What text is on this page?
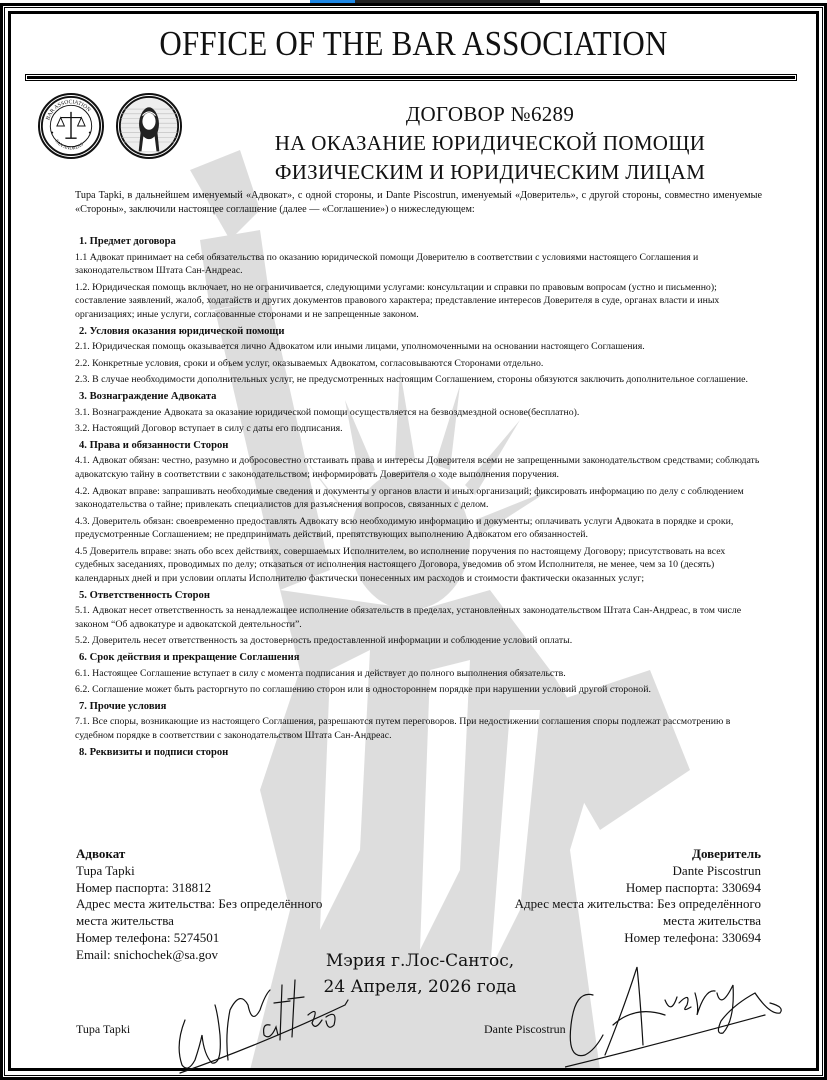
OFFICE OF THE BAR ASSOCIATION
BAR ASSOCIATION
SAN ANDREAS
ДОГОВОР №6289
НА ОКАЗАНИЕ ЮРИДИЧЕСКОЙ ПОМОЩИ
ФИЗИЧЕСКИМ И ЮРИДИЧЕСКИМ ЛИЦАМ
Tupa Tapki, в дальнейшем именуемый «Адвокат», с одной стороны, и Dante Piscostrun, именуемый «Доверитель», с другой стороны, совместно именуемые «Стороны», заключили настоящее соглашение (далее — «Соглашение») о нижеследующем:
1. Предмет договора
1.1 Адвокат принимает на себя обязательства по оказанию юридической помощи Доверителю в соответствии с условиями настоящего Соглашения и законодательством Штата Сан-Андреас.
1.2. Юридическая помощь включает, но не ограничивается, следующими услугами: консультации и справки по правовым вопросам (устно и письменно); составление заявлений, жалоб, ходатайств и других документов правового характера; представление интересов Доверителя в суде, органах власти и иных организациях; иные услуги, согласованные сторонами и не запрещенные законом.
2. Условия оказания юридической помощи
2.1. Юридическая помощь оказывается лично Адвокатом или иными лицами, уполномоченными на основании настоящего Соглашения.
2.2. Конкретные условия, сроки и объем услуг, оказываемых Адвокатом, согласовываются Сторонами отдельно.
2.3. В случае необходимости дополнительных услуг, не предусмотренных настоящим Соглашением, стороны обязуются заключить дополнительное соглашение.
3. Вознаграждение Адвоката
3.1. Вознаграждение Адвоката за оказание юридической помощи осуществляется на безвоздмездной основе(бесплатно).
3.2. Настоящий Договор вступает в силу с даты его подписания.
4. Права и обязанности Сторон
4.1. Адвокат обязан: честно, разумно и добросовестно отстаивать права и интересы Доверителя всеми не запрещенными законодательством средствами; соблюдать адвокатскую тайну в соответствии с законодательством; информировать Доверителя о ходе выполнения поручения.
4.2. Адвокат вправе: запрашивать необходимые сведения и документы у органов власти и иных организаций; фиксировать информацию по делу с соблюдением законодательства о тайне; привлекать специалистов для разъяснения вопросов, связанных с делом.
4.3. Доверитель обязан: своевременно предоставлять Адвокату всю необходимую информацию и документы; оплачивать услуги Адвоката в порядке и сроки, предусмотренные Соглашением; не предпринимать действий, препятствующих выполнению Адвокатом его обязанностей.
4.5 Доверитель вправе: знать обо всех действиях, совершаемых Исполнителем, во исполнение поручения по настоящему Договору; присутствовать на всех судебных заседаниях, проводимых по делу; отказаться от исполнения настоящего Договора, уведомив об этом Исполнителя, не менее, чем за 10 (десять) календарных дней и при условии оплаты Исполнителю фактически понесенных им расходов и стоимости фактически оказанных услуг;
5. Ответственность Сторон
5.1. Адвокат несет ответственность за ненадлежащее исполнение обязательств в пределах, установленных законодательством Штата Сан-Андреас, в том числе законом “Об адвокатуре и адвокатской деятельности”.
5.2. Доверитель несет ответственность за достоверность предоставленной информации и соблюдение условий оплаты.
6. Срок действия и прекращение Соглашения
6.1. Настоящее Соглашение вступает в силу с момента подписания и действует до полного выполнения обязательств.
6.2. Соглашение может быть расторгнуто по соглашению сторон или в одностороннем порядке при нарушении условий другой стороной.
7. Прочие условия
7.1. Все споры, возникающие из настоящего Соглашения, разрешаются путем переговоров. При недостижении соглашения споры подлежат рассмотрению в судебном порядке в соответствии с законодательством Штата Сан-Андреас.
8. Реквизиты и подписи сторон
Адвокат
Tupa Tapki
Номер паспорта: 318812
Адрес места жительства: Без определённого
места жительства
Номер телефона: 5274501
Email: snichochek@sa.gov
Доверитель
Dante Piscostrun
Номер паспорта: 330694
Адрес места жительства: Без определённого
места жительства
Номер телефона: 330694
Мэрия г.Лос-Сантос,
24 Апреля, 2026 года
Tupa Tapki	Dante Piscostrun
